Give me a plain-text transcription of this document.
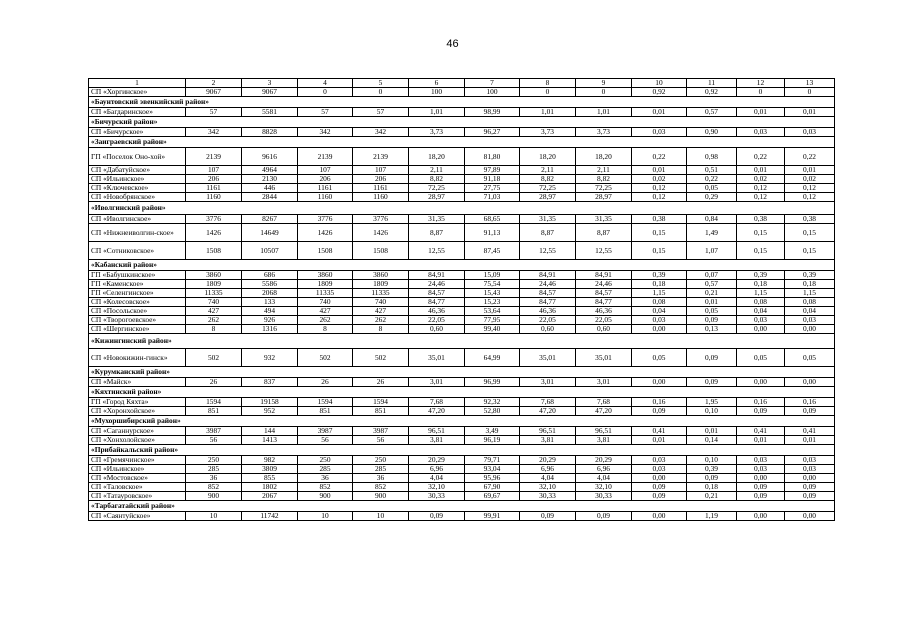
46
1	2	3	4	5	6	7	8	9	10	11	12	13
СП «Хоргинское»	9067	9067	0	0	100	100	0	0	0,92	0,92	0	0
«Баунтовский эвенкийский район»												
СП «Багдаринское»	57	5581	57	57	1,01	98,99	1,01	1,01	0,01	0,57	0,01	0,01
«Бичурский район»												
СП «Бичурское»	342	8828	342	342	3,73	96,27	3,73	3,73	0,03	0,90	0,03	0,03
«Заиграевский район»												
ГП «Поселок Оно-хой»	2139	9616	2139	2139	18,20	81,80	18,20	18,20	0,22	0,98	0,22	0,22
СП «Дабатуйское»	107	4964	107	107	2,11	97,89	2,11	2,11	0,01	0,51	0,01	0,01
СП «Ильинское»	206	2130	206	206	8,82	91,18	8,82	8,82	0,02	0,22	0,02	0,02
СП «Ключевское»	1161	446	1161	1161	72,25	27,75	72,25	72,25	0,12	0,05	0,12	0,12
СП «Новобрянское»	1160	2844	1160	1160	28,97	71,03	28,97	28,97	0,12	0,29	0,12	0,12
«Иволгинский район»												
СП «Иволгинское»	3776	8267	3776	3776	31,35	68,65	31,35	31,35	0,38	0,84	0,38	0,38
СП «Нижнеиволгин-ское»	1426	14649	1426	1426	8,87	91,13	8,87	8,87	0,15	1,49	0,15	0,15
СП «Сотниковское»	1508	10507	1508	1508	12,55	87,45	12,55	12,55	0,15	1,07	0,15	0,15
«Кабанский район»												
ГП «Бабушкинское»	3860	686	3860	3860	84,91	15,09	84,91	84,91	0,39	0,07	0,39	0,39
ГП «Каменское»	1809	5586	1809	1809	24,46	75,54	24,46	24,46	0,18	0,57	0,18	0,18
ГП «Селенгинское»	11335	2068	11335	11335	84,57	15,43	84,57	84,57	1,15	0,21	1,15	1,15
СП «Колесовское»	740	133	740	740	84,77	15,23	84,77	84,77	0,08	0,01	0,08	0,08
СП «Посольское»	427	494	427	427	46,36	53,64	46,36	46,36	0,04	0,05	0,04	0,04
СП «Творогоевское»	262	926	262	262	22,05	77,95	22,05	22,05	0,03	0,09	0,03	0,03
СП «Шергинское»	8	1316	8	8	0,60	99,40	0,60	0,60	0,00	0,13	0,00	0,00
«Кижингинский район»												
СП «Новокижин-гинск»	502	932	502	502	35,01	64,99	35,01	35,01	0,05	0,09	0,05	0,05
«Курумканский район»												
СП «Майск»	26	837	26	26	3,01	96,99	3,01	3,01	0,00	0,09	0,00	0,00
«Кяхтинский район»												
ГП «Город Кяхта»	1594	19158	1594	1594	7,68	92,32	7,68	7,68	0,16	1,95	0,16	0,16
СП «Хоронхойское»	851	952	851	851	47,20	52,80	47,20	47,20	0,09	0,10	0,09	0,09
«Мухоршибирский район»												
СП «Саганнурское»	3987	144	3987	3987	96,51	3,49	96,51	96,51	0,41	0,01	0,41	0,41
СП «Хонхолойское»	56	1413	56	56	3,81	96,19	3,81	3,81	0,01	0,14	0,01	0,01
«Прибайкальский район»												
СП «Гремячинское»	250	982	250	250	20,29	79,71	20,29	20,29	0,03	0,10	0,03	0,03
СП «Ильинское»	285	3809	285	285	6,96	93,04	6,96	6,96	0,03	0,39	0,03	0,03
СП «Мостовское»	36	855	36	36	4,04	95,96	4,04	4,04	0,00	0,09	0,00	0,00
СП «Таловское»	852	1802	852	852	32,10	67,90	32,10	32,10	0,09	0,18	0,09	0,09
СП «Татауровское»	900	2067	900	900	30,33	69,67	30,33	30,33	0,09	0,21	0,09	0,09
«Тарбагатайский район»												
СП «Саянтуйское»	10	11742	10	10	0,09	99,91	0,09	0,09	0,00	1,19	0,00	0,00
